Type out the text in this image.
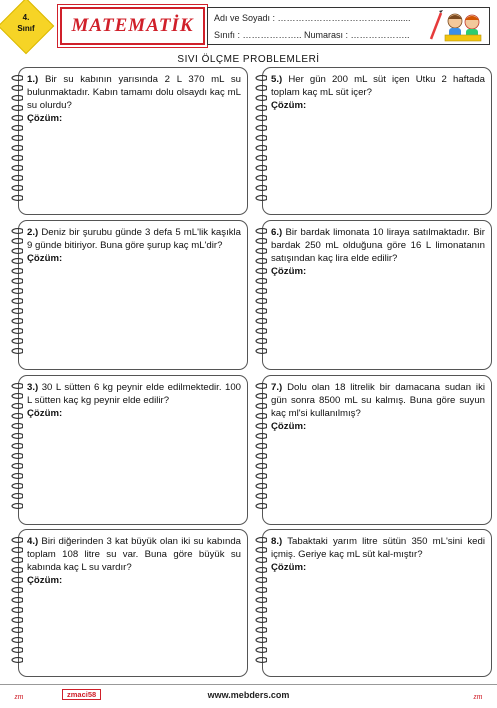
4.
Sınıf	MATEMATİK Adı ve Soyadı : ………………………………..........
Sınıfı : ……………….. Numarası : ………………..
SIVI ÖLÇME PROBLEMLERİ
1.) Bir su kabının yarısında 2 L 370 mL su bulunmaktadır. Kabın tamamı dolu olsaydı kaç mL su olurdu?
Çözüm:
5.) Her gün 200 mL süt içen Utku 2 haftada toplam kaç mL süt içer?
Çözüm:
2.) Deniz bir şurubu günde 3 defa 5 mL'lik kaşıkla 9 günde bitiriyor. Buna göre şurup kaç mL'dir?
Çözüm:
6.) Bir bardak limonata 10 liraya satılmaktadır. Bir bardak 250 mL olduğuna göre 16 L limonatanın satışından kaç lira elde edilir?
Çözüm:
3.) 30 L sütten 6 kg peynir elde edilmektedir. 100 L sütten kaç kg peynir elde edilir?
Çözüm:
7.) Dolu olan 18 litrelik bir damacana sudan iki gün sonra 8500 mL su kalmış. Buna göre suyun kaç ml'si kullanılmış?
Çözüm:
4.) Biri diğerinden 3 kat büyük olan iki su kabında toplam 108 litre su var. Buna göre büyük su kabında kaç L su vardır?
Çözüm:
8.) Tabaktaki yarım litre sütün 350 mL'sini kedi içmiş. Geriye kaç mL süt kal-mıştır?
Çözüm:
zmaci58	www.mebders.com
zm	zm
